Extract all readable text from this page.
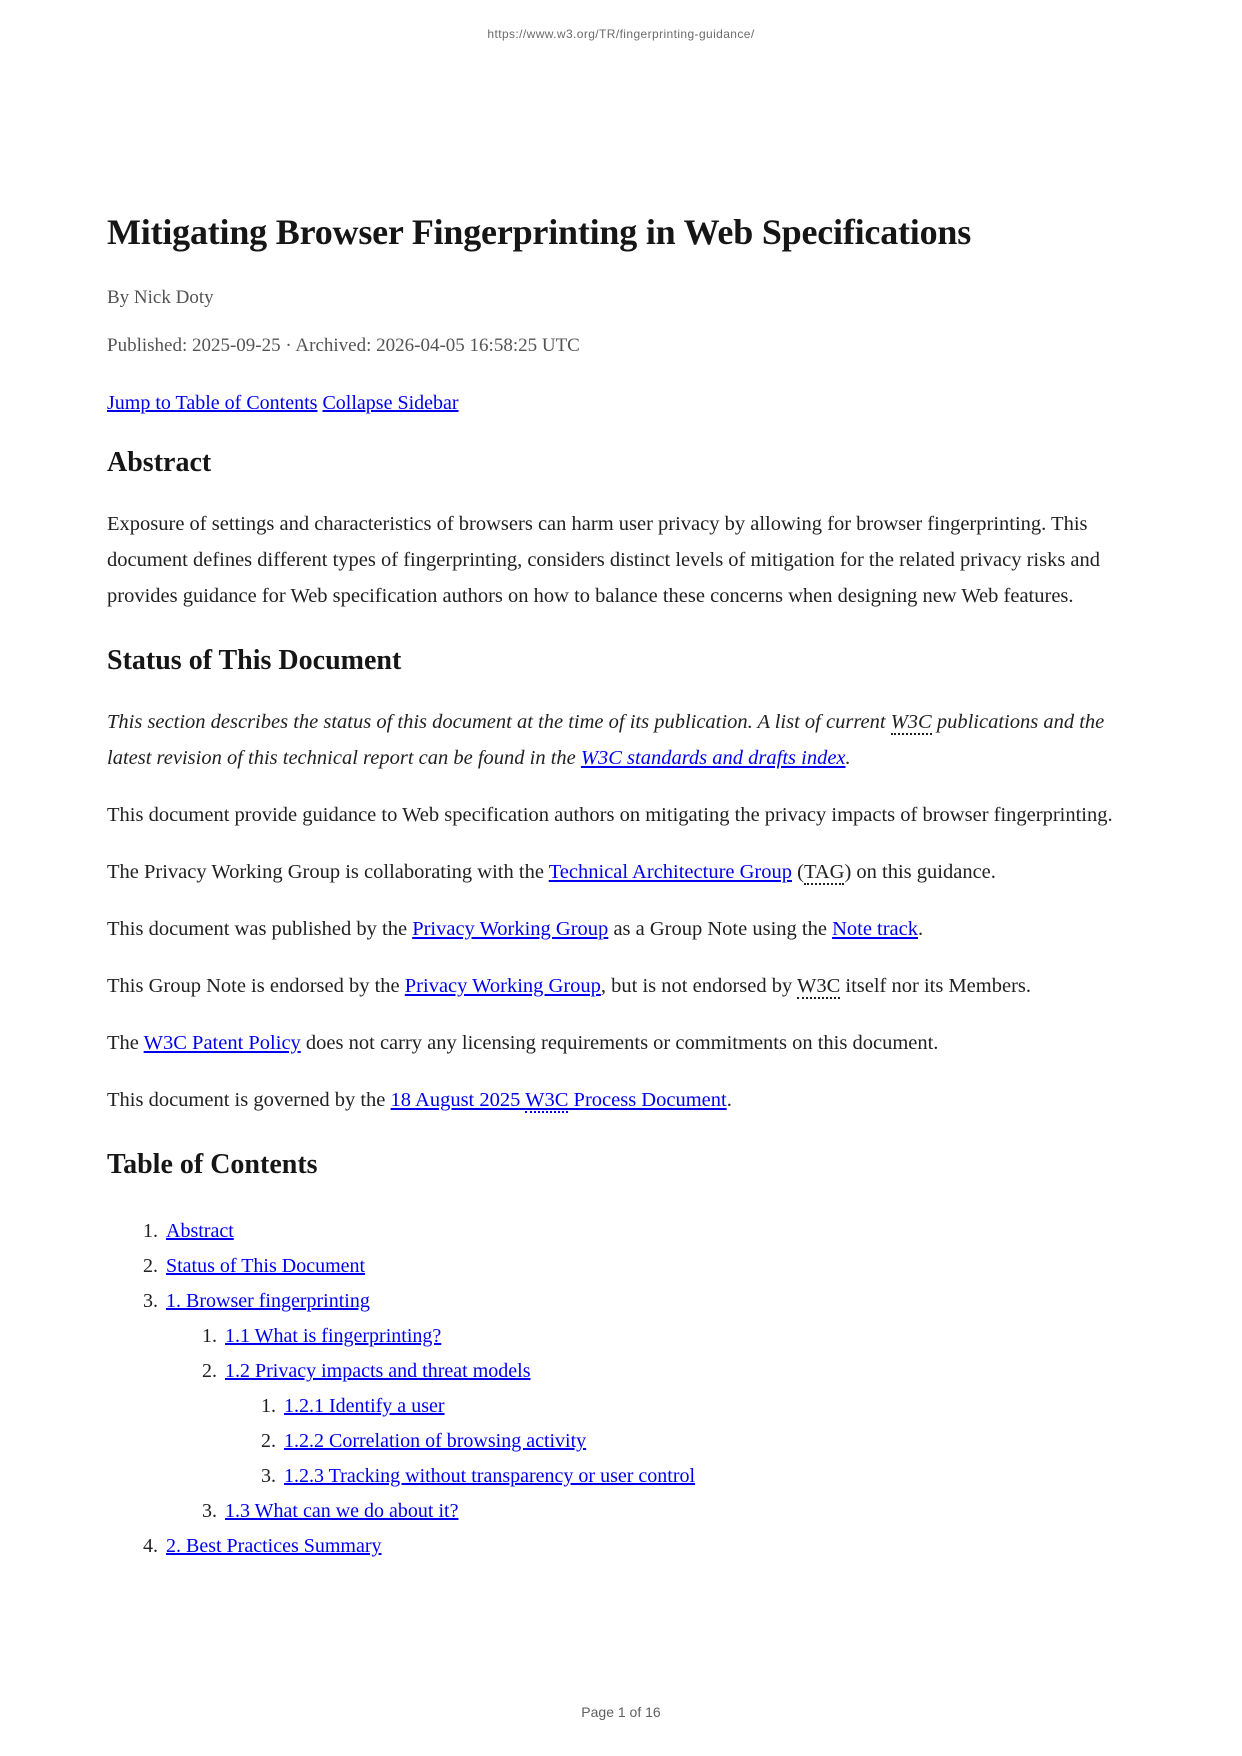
https://www.w3.org/TR/fingerprinting-guidance/
Mitigating Browser Fingerprinting in Web Specifications

By Nick Doty

Published: 2025-09-25 · Archived: 2026-04-05 16:58:25 UTC

Jump to Table of Contents Collapse Sidebar

Abstract

Exposure of settings and characteristics of browsers can harm user privacy by allowing for browser fingerprinting. This document defines different types of fingerprinting, considers distinct levels of mitigation for the related privacy risks and provides guidance for Web specification authors on how to balance these concerns when designing new Web features.

Status of This Document

This section describes the status of this document at the time of its publication. A list of current W3C publications and the latest revision of this technical report can be found in the W3C standards and drafts index.

This document provide guidance to Web specification authors on mitigating the privacy impacts of browser fingerprinting.

The Privacy Working Group is collaborating with the Technical Architecture Group (TAG) on this guidance.

This document was published by the Privacy Working Group as a Group Note using the Note track.

This Group Note is endorsed by the Privacy Working Group, but is not endorsed by W3C itself nor its Members.

The W3C Patent Policy does not carry any licensing requirements or commitments on this document.

This document is governed by the 18 August 2025 W3C Process Document.

Table of Contents
1. Abstract
2. Status of This Document
3. 1. Browser fingerprinting
1. 1.1 What is fingerprinting?
2. 1.2 Privacy impacts and threat models
1. 1.2.1 Identify a user
2. 1.2.2 Correlation of browsing activity
3. 1.2.3 Tracking without transparency or user control
3. 1.3 What can we do about it?
4. 2. Best Practices Summary
Page 1 of 16
